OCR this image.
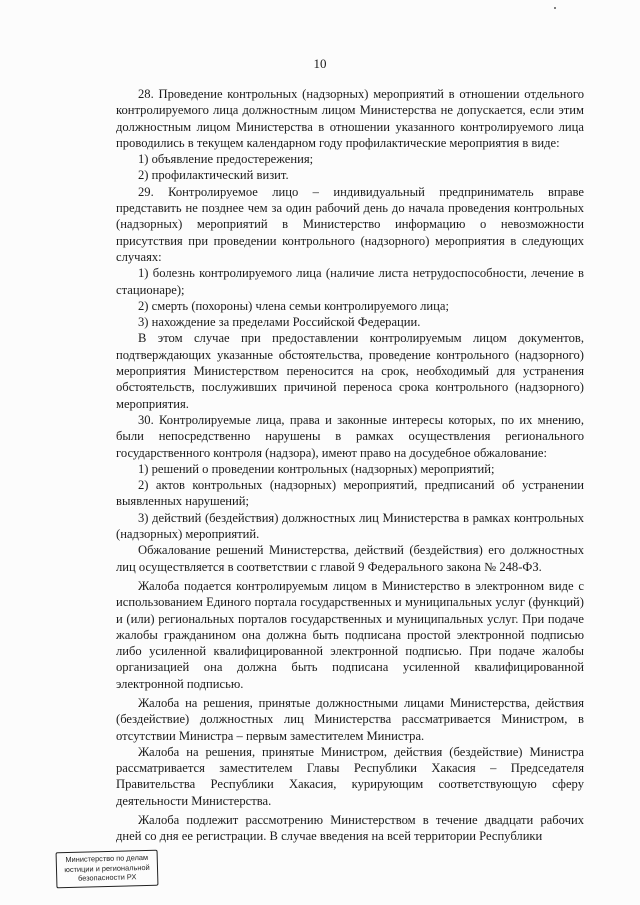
10

28. Проведение контрольных (надзорных) мероприятий в отношении отдельного контролируемого лица должностным лицом Министерства не допускается, если этим должностным лицом Министерства в отношении указанного контролируемого лица проводились в текущем календарном году профилактические мероприятия в виде:

1) объявление предостережения;

2) профилактический визит.

29. Контролируемое лицо – индивидуальный предприниматель вправе представить не позднее чем за один рабочий день до начала проведения контрольных (надзорных) мероприятий в Министерство информацию о невозможности присутствия при проведении контрольного (надзорного) мероприятия в следующих случаях:

1) болезнь контролируемого лица (наличие листа нетрудоспособности, лечение в стационаре);

2) смерть (похороны) члена семьи контролируемого лица;

3) нахождение за пределами Российской Федерации.

В этом случае при предоставлении контролируемым лицом документов, подтверждающих указанные обстоятельства, проведение контрольного (надзорного) мероприятия Министерством переносится на срок, необходимый для устранения обстоятельств, послуживших причиной переноса срока контрольного (надзорного) мероприятия.

30. Контролируемые лица, права и законные интересы которых, по их мнению, были непосредственно нарушены в рамках осуществления регионального государственного контроля (надзора), имеют право на досудебное обжалование:

1) решений о проведении контрольных (надзорных) мероприятий;

2) актов контрольных (надзорных) мероприятий, предписаний об устранении выявленных нарушений;

3) действий (бездействия) должностных лиц Министерства в рамках контрольных (надзорных) мероприятий.

Обжалование решений Министерства, действий (бездействия) его должностных лиц осуществляется в соответствии с главой 9 Федерального закона № 248-ФЗ.

Жалоба подается контролируемым лицом в Министерство в электронном виде с использованием Единого портала государственных и муниципальных услуг (функций) и (или) региональных порталов государственных и муниципальных услуг. При подаче жалобы гражданином она должна быть подписана простой электронной подписью либо усиленной квалифицированной электронной подписью. При подаче жалобы организацией она должна быть подписана усиленной квалифицированной электронной подписью.

Жалоба на решения, принятые должностными лицами Министерства, действия (бездействие) должностных лиц Министерства рассматривается Министром, в отсутствии Министра – первым заместителем Министра.

Жалоба на решения, принятые Министром, действия (бездействие) Министра рассматривается заместителем Главы Республики Хакасия – Председателя Правительства Республики Хакасия, курирующим соответствующую сферу деятельности Министерства.

Жалоба подлежит рассмотрению Министерством в течение двадцати рабочих дней со дня ее регистрации. В случае введения на всей территории Республики

Министерство по делам
юстиции и региональной
безопасности РХ
